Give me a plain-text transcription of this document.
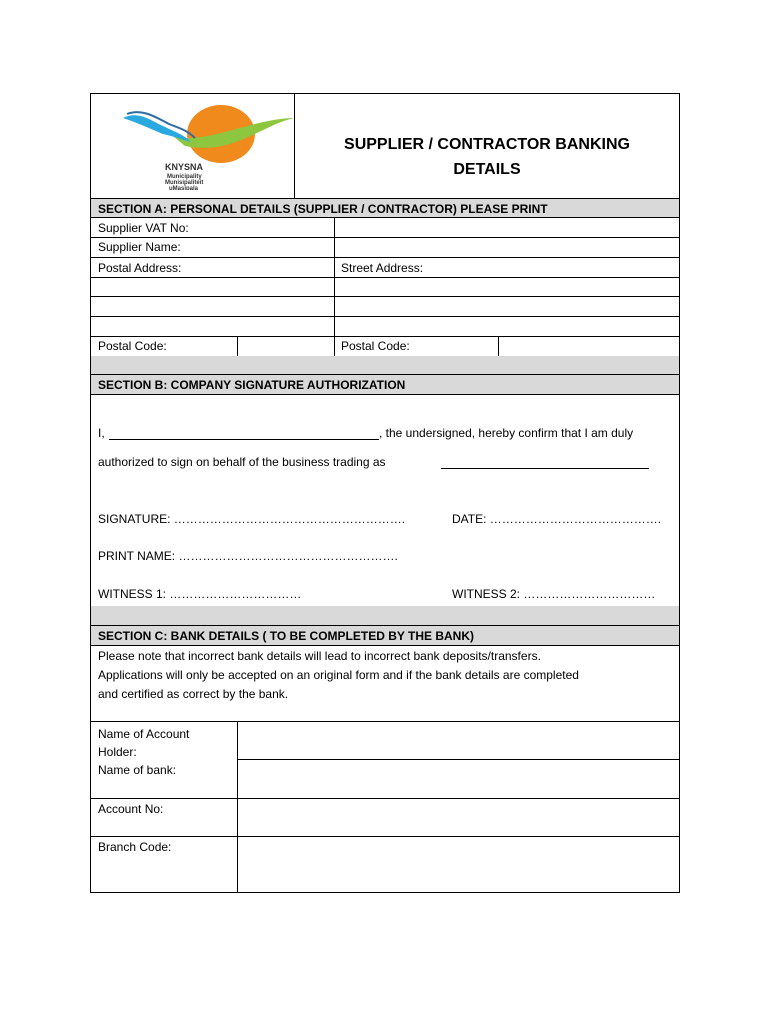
KNYSNA
Municipality
Munisipaliteit
uMasipala
SUPPLIER / CONTRACTOR BANKING
DETAILS
SECTION A: PERSONAL DETAILS (SUPPLIER / CONTRACTOR) PLEASE PRINT
Supplier VAT No:
Supplier Name:
Postal Address:	Street Address:
Postal Code:	Postal Code:
SECTION B: COMPANY SIGNATURE AUTHORIZATION
I,	, the undersigned, hereby confirm that I am duly
authorized to sign on behalf of the business trading as
SIGNATURE: ………………………………………………….	DATE: …………………………………….
PRINT NAME: ……………………………………………….
WITNESS 1: ……………………………	WITNESS 2: ……………………………
SECTION C: BANK DETAILS ( TO BE COMPLETED BY THE BANK)
Please note that incorrect bank details will lead to incorrect bank deposits/transfers.
Applications will only be accepted on an original form and if the bank details are completed
and certified as correct by the bank.
Name of Account
Holder:
Name of bank:
Account No:
Branch Code:
